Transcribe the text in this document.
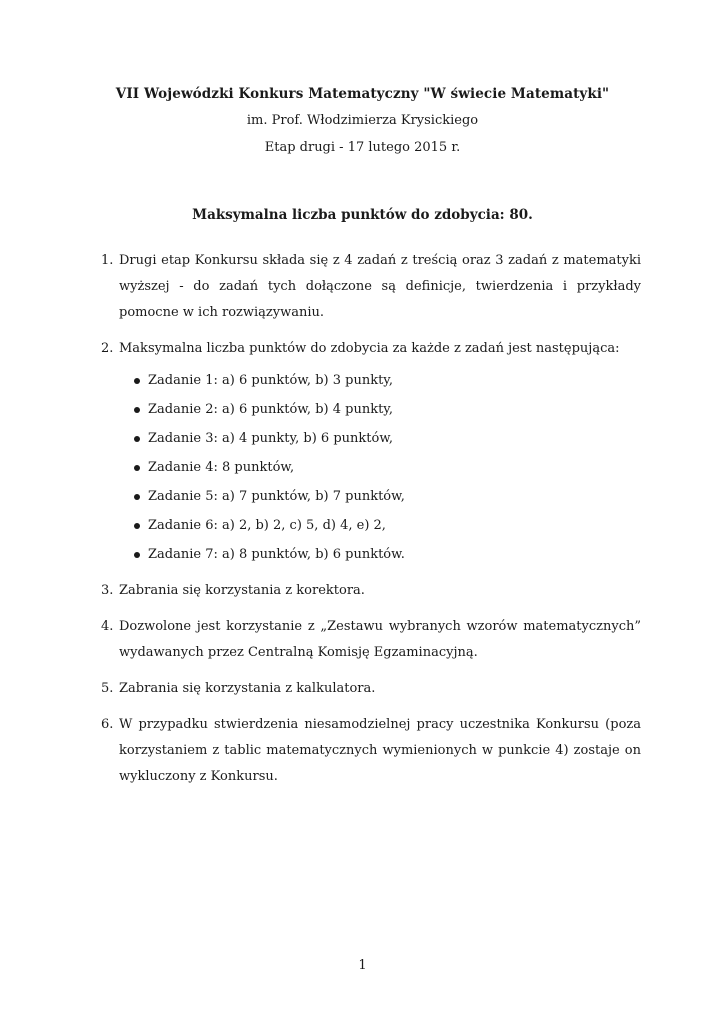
VII Wojewódzki Konkurs Matematyczny "W świecie Matematyki"
im. Prof. Włodzimierza Krysickiego
Etap drugi - 17 lutego 2015 r.
Maksymalna liczba punktów do zdobycia: 80.
1. Drugi etap Konkursu składa się z 4 zadań z treścią oraz 3 zadań z matematyki wyższej - do zadań tych dołączone są definicje, twierdzenia i przykłady pomocne w ich rozwiązywaniu.
2. Maksymalna liczba punktów do zdobycia za każde z zadań jest następująca:
Zadanie 1: a) 6 punktów, b) 3 punkty,
Zadanie 2: a) 6 punktów, b) 4 punkty,
Zadanie 3: a) 4 punkty, b) 6 punktów,
Zadanie 4: 8 punktów,
Zadanie 5: a) 7 punktów, b) 7 punktów,
Zadanie 6: a) 2, b) 2, c) 5, d) 4, e) 2,
Zadanie 7: a) 8 punktów, b) 6 punktów.
3. Zabrania się korzystania z korektora.
4. Dozwolone jest korzystanie z „Zestawu wybranych wzorów matematycznych” wydawanych przez Centralną Komisję Egzaminacyjną.
5. Zabrania się korzystania z kalkulatora.
6. W przypadku stwierdzenia niesamodzielnej pracy uczestnika Konkursu (poza korzystaniem z tablic matematycznych wymienionych w punkcie 4) zostaje on wykluczony z Konkursu.
1
